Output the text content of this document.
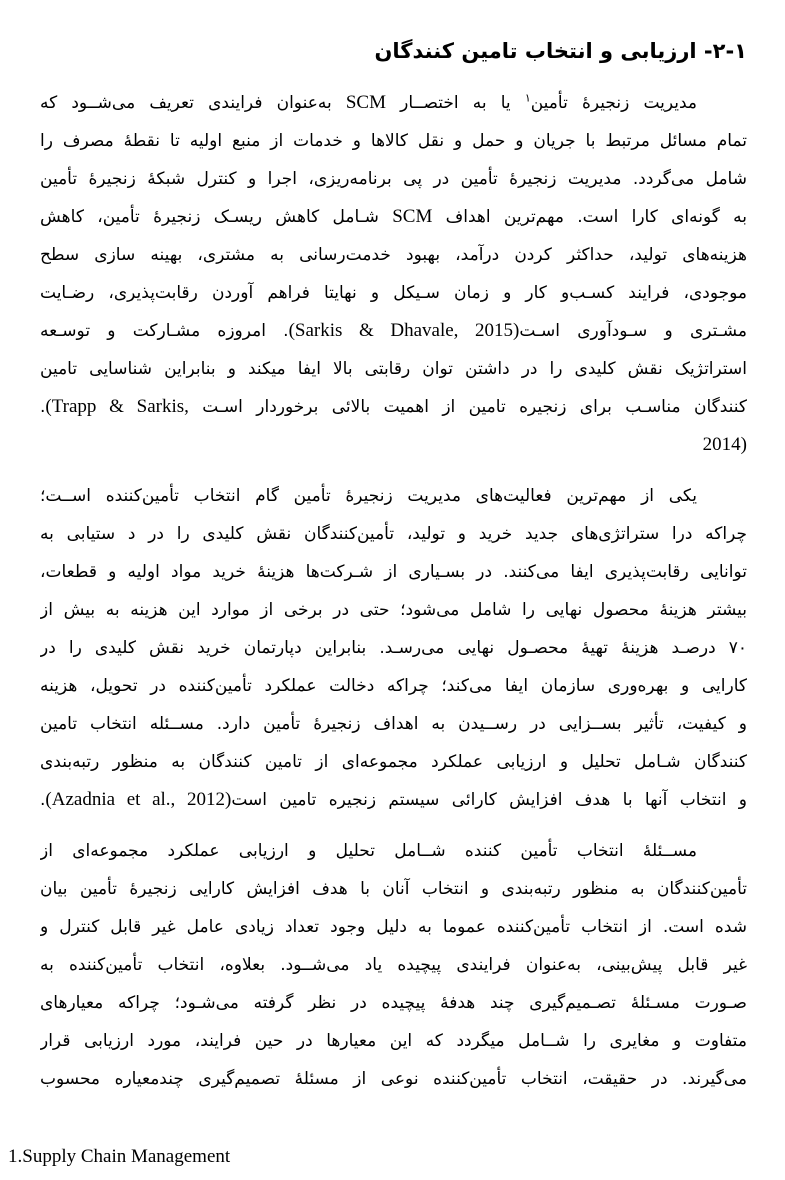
۲-۱- ارزیابی و انتخاب تامین کنندگان
مدیریت زنجیرهٔ تأمین$^۱$ یا به اختصــار SCM به‌عنوان فرایندی تعریف می‌شــود که
تمام مسائل مرتبط با جریان و حمل و نقل کالاها و خدمات از منبع اولیه تا نقطهٔ مصرف را
شامل می‌گردد. مدیریت زنجیرهٔ تأمین در پی برنامه‌ریزی، اجرا و کنترل شبکهٔ زنجیرهٔ تأمین
به گونه‌ای کارا است. مهم‌ترین اهداف SCM شـامل کاهش ریسـک زنجیرهٔ تأمین، کاهش
هزینه‌های تولید، حداکثر کردن درآمد، بهبود خدمت‌رسانی به مشتری، بهینه سازی سطح
موجودی، فرایند کسـب‌و کار و زمان سـیکل و نهایتا فراهم آوردن رقابت‌پذیری، رضـایت
مشـتری و سـودآوری اسـت(Sarkis & Dhavale, 2015). امروزه مشـارکت و توسـعه
استراتژیک نقش کلیدی را در داشتن توان رقابتی بالا ایفا میکند و بنابراین شناسایی تامین
کنندگان مناسـب برای زنجیره تامین از اهمیت بالائی برخوردار اسـت (Trapp & Sarkis,.
2014)
یکی از مهم‌ترین فعالیت‌های مدیریت زنجیرهٔ تأمین گام انتخاب تأمین‌کننده اســت؛
چراکه درا ستراتژی‌های جدید خرید و تولید، تأمین‌کنندگان نقش کلیدی را در د ستیابی به
توانایی رقابت‌پذیری ایفا می‌کنند. در بسـیاری از شـرکت‌ها هزینهٔ خرید مواد اولیه و قطعات،
بیشتر هزینهٔ محصول نهایی را شامل می‌شود؛ حتی در برخی از موارد این هزینه به بیش از
۷۰ درصـد هزینهٔ تهیهٔ محصـول نهایی می‌رسـد. بنابراین دپارتمان خرید نقش کلیدی را در
کارایی و بهره‌وری سازمان ایفا می‌کند؛ چراکه دخالت عملکرد تأمین‌کننده در تحویل، هزینه
و کیفیت، تأثیر بســزایی در رســیدن به اهداف زنجیرهٔ تأمین دارد. مســئله انتخاب تامین
کنندگان شـامل تحلیل و ارزیابی عملکرد مجموعه‌ای از تامین کنندگان به منظور رتبه‌بندی
و انتخاب آنها با هدف افزایش کارائی سیستم زنجیره تامین است(Azadnia et al., 2012).
مســئلهٔ انتخاب تأمین کننده شــامل تحلیل و ارزیابی عملکرد مجموعه‌ای از
تأمین‌کنندگان به منظور رتبه‌بندی و انتخاب آنان با هدف افزایش کارایی زنجیرهٔ تأمین بیان
شده است. از انتخاب تأمین‌کننده عموما به دلیل وجود تعداد زیادی عامل غیر قابل کنترل و
غیر قابل پیش‌بینی، به‌عنوان فرایندی پیچیده یاد می‌شــود. بعلاوه، انتخاب تأمین‌کننده به
صـورت مسـئلهٔ تصـمیم‌گیری چند هدفهٔ پیچیده در نظر گرفته می‌شـود؛ چراکه معیارهای
متفاوت و مغایری را شــامل میگردد که این معیارها در حین فرایند، مورد ارزیابی قرار
می‌گیرند. در حقیقت، انتخاب تأمین‌کننده نوعی از مسئلهٔ تصمیم‌گیری چندمعیاره محسوب
1.Supply Chain Management
